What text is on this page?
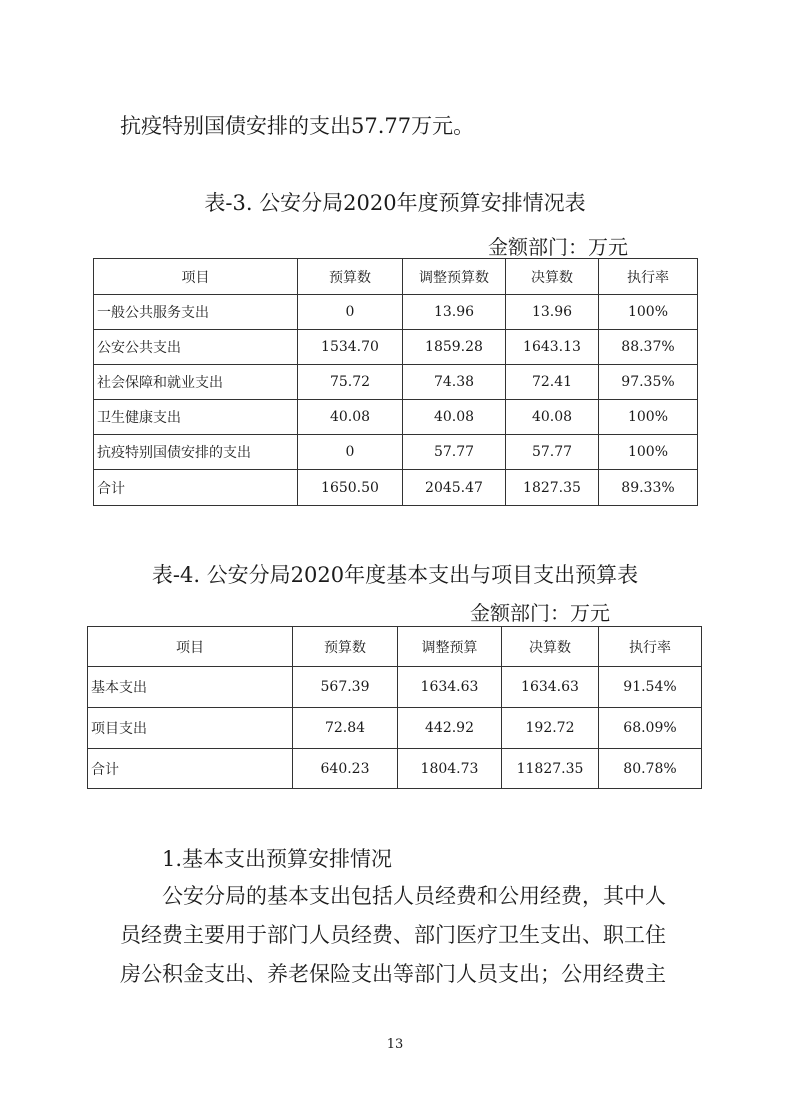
抗疫特别国债安排的支出57.77万元。
表-3. 公安分局2020年度预算安排情况表
金额部门：万元
项目	预算数	调整预算数	决算数	执行率
一般公共服务支出	0	13.96	13.96	100%
公安公共支出	1534.70	1859.28	1643.13	88.37%
社会保障和就业支出	75.72	74.38	72.41	97.35%
卫生健康支出	40.08	40.08	40.08	100%
抗疫特别国债安排的支出	0	57.77	57.77	100%
合计	1650.50	2045.47	1827.35	89.33%
表-4. 公安分局2020年度基本支出与项目支出预算表
金额部门：万元
项目	预算数	调整预算	决算数	执行率
基本支出	567.39	1634.63	1634.63	91.54%
项目支出	72.84	442.92	192.72	68.09%
合计	640.23	1804.73	11827.35	80.78%
1.基本支出预算安排情况
公安分局的基本支出包括人员经费和公用经费，其中人
员经费主要用于部门人员经费、部门医疗卫生支出、职工住
房公积金支出、养老保险支出等部门人员支出；公用经费主
13
